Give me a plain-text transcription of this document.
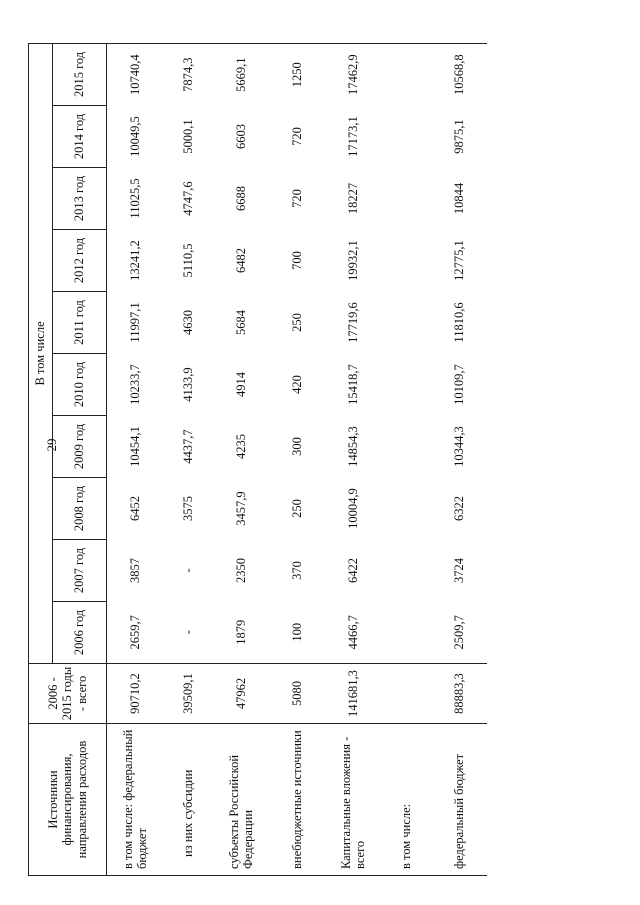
29
Источники финансирования, направления расходов	2006 - 2015 годы - всего	В том числе									
		2006 год	2007 год	2008 год	2009 год	2010 год	2011 год	2012 год	2013 год	2014 год	2015 год
в том числе: федеральный бюджет	90710,2	2659,7	3857	6452	10454,1	10233,7	11997,1	13241,2	11025,5	10049,5	10740,4
из них субсидии	39509,1	-	-	3575	4437,7	4133,9	4630	5110,5	4747,6	5000,1	7874,3
субъекты Российской Федерации	47962	1879	2350	3457,9	4235	4914	5684	6482	6688	6603	5669,1
внебюджетные источники	5080	100	370	250	300	420	250	700	720	720	1250
Капитальные вложения - всего	141681,3	4466,7	6422	10004,9	14854,3	15418,7	17719,6	19932,1	18227	17173,1	17462,9
в том числе:											
федеральный бюджет	88883,3	2509,7	3724	6322	10344,3	10109,7	11810,6	12775,1	10844	9875,1	10568,8
